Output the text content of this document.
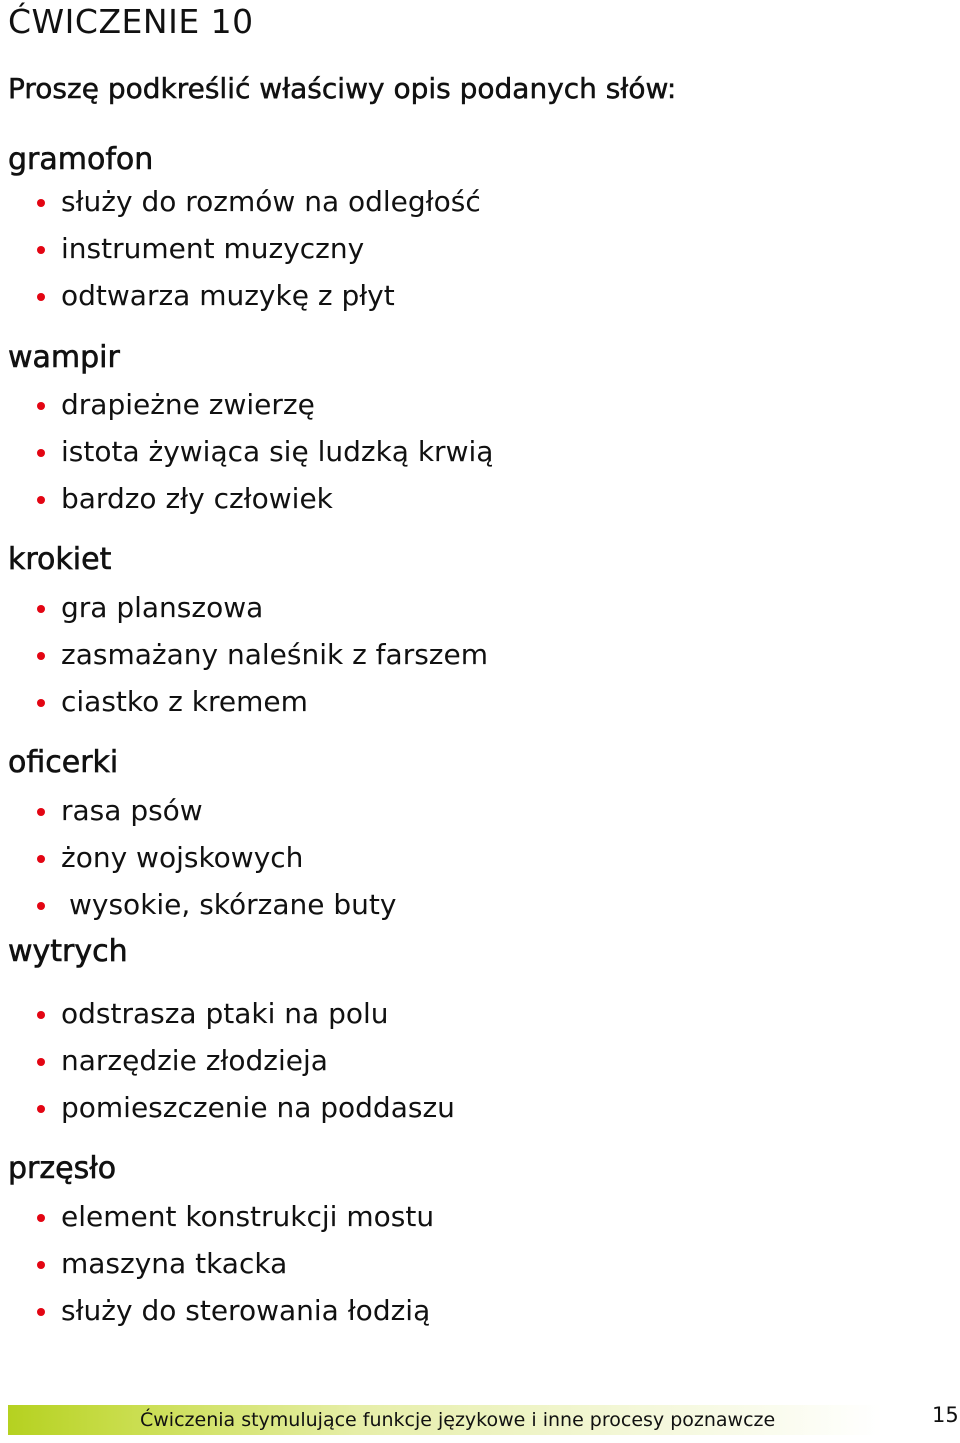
ĆWICZENIE 10

Proszę podkreślić właściwy opis podanych słów:

gramofon
służy do rozmów na odległość
instrument muzyczny
odtwarza muzykę z płyt
wampir
drapieżne zwierzę
istota żywiąca się ludzką krwią
bardzo zły człowiek
krokiet
gra planszowa
zasmażany naleśnik z farszem
ciastko z kremem
oficerki
rasa psów
żony wojskowych
wysokie, skórzane buty
wytrych
odstrasza ptaki na polu
narzędzie złodzieja
pomieszczenie na poddaszu
przęsło
element konstrukcji mostu
maszyna tkacka
służy do sterowania łodzią
Ćwiczenia stymulujące funkcje językowe i inne procesy poznawcze	15
